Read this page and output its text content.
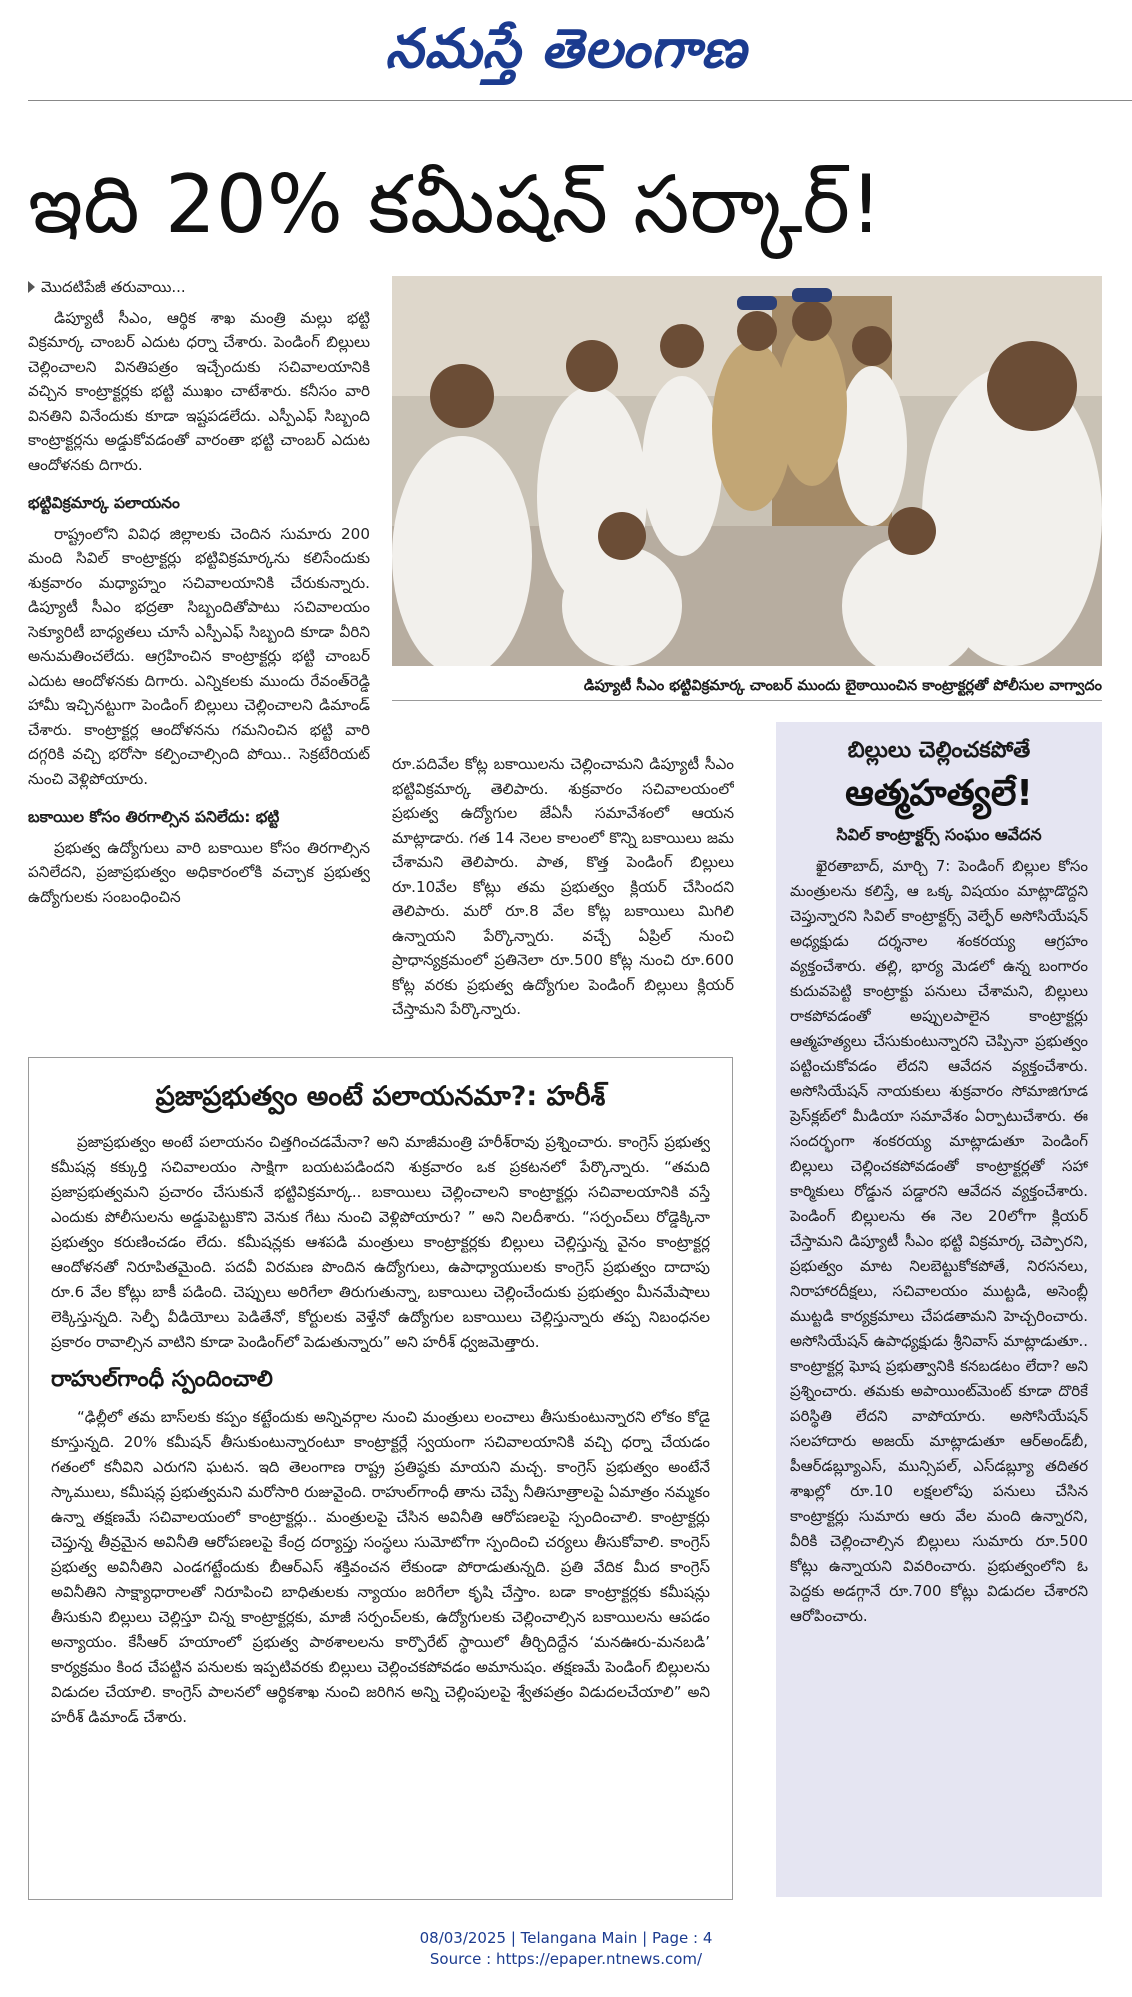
నమస్తే తెలంగాణ
ఇది 20% కమీషన్ సర్కార్!
మొదటిపేజీ తరువాయి...

డిప్యూటీ సీఎం, ఆర్థిక శాఖ మంత్రి మల్లు భట్టి విక్రమార్క చాంబర్ ఎదుట ధర్నా చేశారు. పెండింగ్ బిల్లులు చెల్లించాలని వినతిపత్రం ఇచ్చేందుకు సచివాలయానికి వచ్చిన కాంట్రాక్టర్లకు భట్టి ముఖం చాటేశారు. కనీసం వారి వినతిని వినేందుకు కూడా ఇష్టపడలేదు. ఎస్పీఎఫ్ సిబ్బంది కాంట్రాక్టర్లను అడ్డుకోవడంతో వారంతా భట్టి చాంబర్ ఎదుట ఆందోళనకు దిగారు.

భట్టివిక్రమార్క పలాయనం

రాష్ట్రంలోని వివిధ జిల్లాలకు చెందిన సుమారు 200 మంది సివిల్ కాంట్రాక్టర్లు భట్టివిక్రమార్కను కలిసేందుకు శుక్రవారం మధ్యాహ్నం సచివాలయానికి చేరుకున్నారు. డిప్యూటీ సీఎం భద్రతా సిబ్బందితోపాటు సచివాలయం సెక్యూరిటీ బాధ్యతలు చూసే ఎస్పీఎఫ్ సిబ్బంది కూడా వీరిని అనుమతించలేదు. ఆగ్రహించిన కాంట్రాక్టర్లు భట్టి చాంబర్ ఎదుట ఆందోళనకు దిగారు. ఎన్నికలకు ముందు రేవంత్‌రెడ్డి హామీ ఇచ్చినట్టుగా పెండింగ్ బిల్లులు చెల్లించాలని డిమాండ్ చేశారు. కాంట్రాక్టర్ల ఆందోళనను గమనించిన భట్టి వారి దగ్గరికి వచ్చి భరోసా కల్పించాల్సింది పోయి.. సెక్రటేరియట్ నుంచి వెళ్లిపోయారు.

బకాయిల కోసం తిరగాల్సిన పనిలేదు: భట్టి

ప్రభుత్వ ఉద్యోగులు వారి బకాయిల కోసం తిరగాల్సిన పనిలేదని, ప్రజాప్రభుత్వం అధికారంలోకి వచ్చాక ప్రభుత్వ ఉద్యోగులకు సంబంధించిన

డిప్యూటీ సీఎం భట్టివిక్రమార్క చాంబర్ ముందు బైఠాయించిన కాంట్రాక్టర్లతో పోలీసుల వాగ్వాదం

రూ.పదివేల కోట్ల బకాయిలను చెల్లించామని డిప్యూటీ సీఎం భట్టివిక్రమార్క తెలిపారు. శుక్రవారం సచివాలయంలో ప్రభుత్వ ఉద్యోగుల జేఏసీ సమావేశంలో ఆయన మాట్లాడారు. గత 14 నెలల కాలంలో కొన్ని బకాయిలు జమ చేశామని తెలిపారు. పాత, కొత్త పెండింగ్ బిల్లులు రూ.10వేల కోట్లు తమ ప్రభుత్వం క్లియర్ చేసిందని తెలిపారు. మరో రూ.8 వేల కోట్ల బకాయిలు మిగిలి ఉన్నాయని పేర్కొన్నారు. వచ్చే ఏప్రిల్ నుంచి ప్రాధాన్యక్రమంలో ప్రతినెలా రూ.500 కోట్ల నుంచి రూ.600 కోట్ల వరకు ప్రభుత్వ ఉద్యోగుల పెండింగ్ బిల్లులు క్లియర్ చేస్తామని పేర్కొన్నారు.

బిల్లులు చెల్లించకపోతే
ఆత్మహత్యలే!
సివిల్ కాంట్రాక్టర్స్ సంఘం ఆవేదన

ఖైరతాబాద్, మార్చి 7: పెండింగ్ బిల్లుల కోసం మంత్రులను కలిస్తే, ఆ ఒక్క విషయం మాట్లాడొద్దని చెప్తున్నారని సివిల్ కాంట్రాక్టర్స్ వెల్ఫేర్ అసోసియేషన్ అధ్యక్షుడు దర్శనాల శంకరయ్య ఆగ్రహం వ్యక్తంచేశారు. తల్లి, భార్య మెడలో ఉన్న బంగారం కుదువపెట్టి కాంట్రాక్టు పనులు చేశామని, బిల్లులు రాకపోవడంతో అప్పులపాలైన కాంట్రాక్టర్లు ఆత్మహత్యలు చేసుకుంటున్నారని చెప్పినా ప్రభుత్వం పట్టించుకోవడం లేదని ఆవేదన వ్యక్తంచేశారు. అసోసియేషన్ నాయకులు శుక్రవారం సోమాజిగూడ ప్రెస్‌క్లబ్‌లో మీడియా సమావేశం ఏర్పాటుచేశారు. ఈ సందర్భంగా శంకరయ్య మాట్లాడుతూ పెండింగ్ బిల్లులు చెల్లించకపోవడంతో కాంట్రాక్టర్లతో సహా కార్మికులు రోడ్డున పడ్డారని ఆవేదన వ్యక్తంచేశారు. పెండింగ్ బిల్లులను ఈ నెల 20లోగా క్లియర్ చేస్తామని డిప్యూటీ సీఎం భట్టి విక్రమార్క చెప్పారని, ప్రభుత్వం మాట నిలబెట్టుకోకపోతే, నిరసనలు, నిరాహారదీక్షలు, సచివాలయం ముట్టడి, అసెంబ్లీ ముట్టడి కార్యక్రమాలు చేపడతామని హెచ్చరించారు. అసోసియేషన్ ఉపాధ్యక్షుడు శ్రీనివాస్ మాట్లాడుతూ.. కాంట్రాక్టర్ల ఘోష ప్రభుత్వానికి కనబడటం లేదా? అని ప్రశ్నించారు. తమకు అపాయింట్‌మెంట్ కూడా దొరికే పరిస్థితి లేదని వాపోయారు. అసోసియేషన్ సలహాదారు అజయ్ మాట్లాడుతూ ఆర్‌అండ్‌బీ, పీఆర్‌డబ్ల్యూఎస్, మున్సిపల్, ఎస్‌డబ్ల్యూ తదితర శాఖల్లో రూ.10 లక్షలలోపు పనులు చేసిన కాంట్రాక్టర్లు సుమారు ఆరు వేల మంది ఉన్నారని, వీరికి చెల్లించాల్సిన బిల్లులు సుమారు రూ.500 కోట్లు ఉన్నాయని వివరించారు. ప్రభుత్వంలోని ఓ పెద్దకు అడగ్గానే రూ.700 కోట్లు విడుదల చేశారని ఆరోపించారు.

ప్రజాప్రభుత్వం అంటే పలాయనమా?: హరీశ్

ప్రజాప్రభుత్వం అంటే పలాయనం చిత్తగించడమేనా? అని మాజీమంత్రి హరీశ్‌రావు ప్రశ్నించారు. కాంగ్రెస్ ప్రభుత్వ కమీషన్ల కక్కుర్తి సచివాలయం సాక్షిగా బయటపడిందని శుక్రవారం ఒక ప్రకటనలో పేర్కొన్నారు. “తమది ప్రజాప్రభుత్వమని ప్రచారం చేసుకునే భట్టివిక్రమార్క.. బకాయిలు చెల్లించాలని కాంట్రాక్టర్లు సచివాలయానికి వస్తే ఎందుకు పోలీసులను అడ్డుపెట్టుకొని వెనుక గేటు నుంచి వెళ్లిపోయారు? ” అని నిలదీశారు. “సర్పంచ్‌లు రోడ్డెక్కినా ప్రభుత్వం కరుణించడం లేదు. కమీషన్లకు ఆశపడి మంత్రులు కాంట్రాక్టర్లకు బిల్లులు చెల్లిస్తున్న వైనం కాంట్రాక్టర్ల ఆందోళనతో నిరూపితమైంది. పదవీ విరమణ పొందిన ఉద్యోగులు, ఉపాధ్యాయులకు కాంగ్రెస్ ప్రభుత్వం దాదాపు రూ.6 వేల కోట్లు బాకీ పడింది. చెప్పులు అరిగేలా తిరుగుతున్నా, బకాయిలు చెల్లించేందుకు ప్రభుత్వం మీనమేషాలు లెక్కిస్తున్నది. సెల్ఫీ వీడియోలు పెడితేనో, కోర్టులకు వెళ్తేనో ఉద్యోగుల బకాయిలు చెల్లిస్తున్నారు తప్ప నిబంధనల ప్రకారం రావాల్సిన వాటిని కూడా పెండింగ్‌లో పెడుతున్నారు” అని హరీశ్ ధ్వజమెత్తారు.

రాహుల్‌గాంధీ స్పందించాలి

“ఢిల్లీలో తమ బాస్‌లకు కప్పం కట్టేందుకు అన్నివర్గాల నుంచి మంత్రులు లంచాలు తీసుకుంటున్నారని లోకం కోడై కూస్తున్నది. 20% కమీషన్ తీసుకుంటున్నారంటూ కాంట్రాక్టర్లే స్వయంగా సచివాలయానికి వచ్చి ధర్నా చేయడం గతంలో కనీవిని ఎరుగని ఘటన. ఇది తెలంగాణ రాష్ట్ర ప్రతిష్ఠకు మాయని మచ్చ. కాంగ్రెస్ ప్రభుత్వం అంటేనే స్కాములు, కమీషన్ల ప్రభుత్వమని మరోసారి రుజువైంది. రాహుల్‌గాంధీ తాను చెప్పే నీతిసూత్రాలపై ఏమాత్రం నమ్మకం ఉన్నా తక్షణమే సచివాలయంలో కాంట్రాక్టర్లు.. మంత్రులపై చేసిన అవినీతి ఆరోపణలపై స్పందించాలి. కాంట్రాక్టర్లు చెప్తున్న తీవ్రమైన అవినీతి ఆరోపణలపై కేంద్ర దర్యాప్తు సంస్థలు సుమోటోగా స్పందించి చర్యలు తీసుకోవాలి. కాంగ్రెస్ ప్రభుత్వ అవినీతిని ఎండగట్టేందుకు బీఆర్‌ఎస్ శక్తివంచన లేకుండా పోరాడుతున్నది. ప్రతి వేదిక మీద కాంగ్రెస్ అవినీతిని సాక్ష్యాధారాలతో నిరూపించి బాధితులకు న్యాయం జరిగేలా కృషి చేస్తాం. బడా కాంట్రాక్టర్లకు కమీషన్లు తీసుకుని బిల్లులు చెల్లిస్తూ చిన్న కాంట్రాక్టర్లకు, మాజీ సర్పంచ్‌లకు, ఉద్యోగులకు చెల్లించాల్సిన బకాయిలను ఆపడం అన్యాయం. కేసీఆర్ హయాంలో ప్రభుత్వ పాఠశాలలను కార్పొరేట్ స్థాయిలో తీర్చిదిద్దేన ‘మనఊరు-మనబడి’ కార్యక్రమం కింద చేపట్టిన పనులకు ఇప్పటివరకు బిల్లులు చెల్లించకపోవడం అమానుషం. తక్షణమే పెండింగ్ బిల్లులను విడుదల చేయాలి. కాంగ్రెస్ పాలనలో ఆర్థికశాఖ నుంచి జరిగిన అన్ని చెల్లింపులపై శ్వేతపత్రం విడుదలచేయాలి” అని హరీశ్ డిమాండ్ చేశారు.

08/03/2025 | Telangana Main | Page : 4
Source : https://epaper.ntnews.com/
